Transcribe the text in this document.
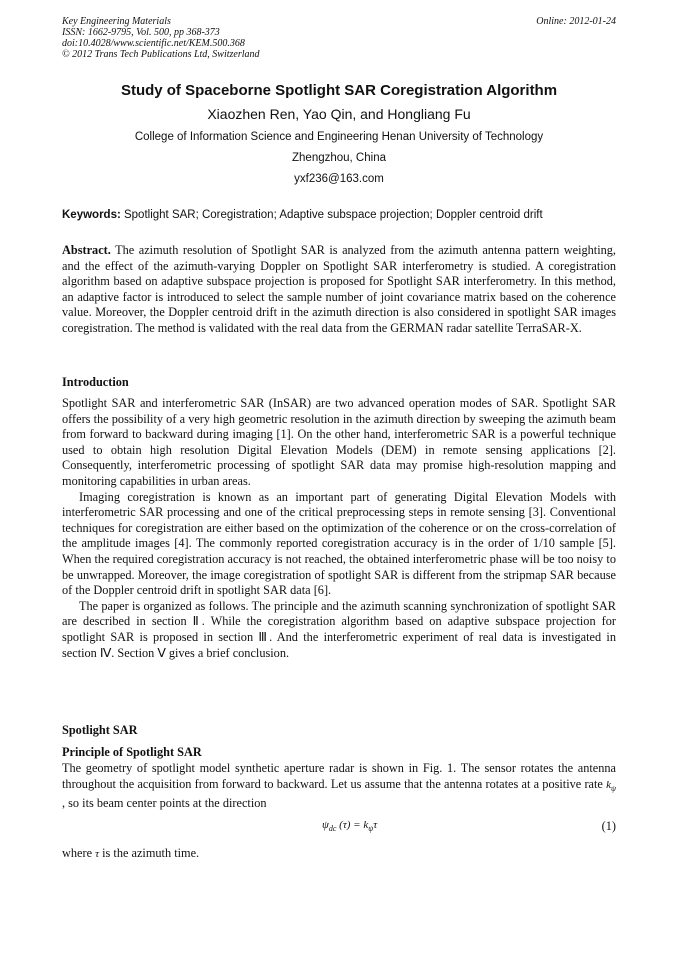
Key Engineering Materials
ISSN: 1662-9795, Vol. 500, pp 368-373
doi:10.4028/www.scientific.net/KEM.500.368
© 2012 Trans Tech Publications Ltd, Switzerland
Online: 2012-01-24
Study of Spaceborne Spotlight SAR Coregistration Algorithm
Xiaozhen Ren, Yao Qin, and Hongliang Fu
College of Information Science and Engineering Henan University of Technology
Zhengzhou, China
yxf236@163.com
Keywords: Spotlight SAR; Coregistration; Adaptive subspace projection; Doppler centroid drift
Abstract. The azimuth resolution of Spotlight SAR is analyzed from the azimuth antenna pattern weighting, and the effect of the azimuth-varying Doppler on Spotlight SAR interferometry is studied. A coregistration algorithm based on adaptive subspace projection is proposed for Spotlight SAR interferometry. In this method, an adaptive factor is introduced to select the sample number of joint covariance matrix based on the coherence value. Moreover, the Doppler centroid drift in the azimuth direction is also considered in spotlight SAR images coregistration. The method is validated with the real data from the GERMAN radar satellite TerraSAR-X.
Introduction

Spotlight SAR and interferometric SAR (InSAR) are two advanced operation modes of SAR. Spotlight SAR offers the possibility of a very high geometric resolution in the azimuth direction by sweeping the azimuth beam from forward to backward during imaging [1]. On the other hand, interferometric SAR is a powerful technique used to obtain high resolution Digital Elevation Models (DEM) in remote sensing applications [2]. Consequently, interferometric processing of spotlight SAR data may promise high-resolution mapping and monitoring capabilities in urban areas.

Imaging coregistration is known as an important part of generating Digital Elevation Models with interferometric SAR processing and one of the critical preprocessing steps in remote sensing [3]. Conventional techniques for coregistration are either based on the optimization of the coherence or on the cross-correlation of the amplitude images [4]. The commonly reported coregistration accuracy is in the order of 1/10 sample [5]. When the required coregistration accuracy is not reached, the obtained interferometric phase will be too noisy to be unwrapped. Moreover, the image coregistration of spotlight SAR is different from the stripmap SAR because of the Doppler centroid drift in spotlight SAR data [6].

The paper is organized as follows. The principle and the azimuth scanning synchronization of spotlight SAR are described in section Ⅱ. While the coregistration algorithm based on adaptive subspace projection for spotlight SAR is proposed in section Ⅲ. And the interferometric experiment of real data is investigated in section Ⅳ. Section Ⅴ gives a brief conclusion.

Spotlight SAR
Principle of Spotlight SAR

The geometry of spotlight model synthetic aperture radar is shown in Fig. 1. The sensor rotates the antenna throughout the acquisition from forward to backward. Let us assume that the antenna rotates at a positive rate $k_\psi$ , so its beam center points at the direction

$\psi_{dc}$ $(\tau) = k_\psi\tau$	(1)
where τ is the azimuth time.
